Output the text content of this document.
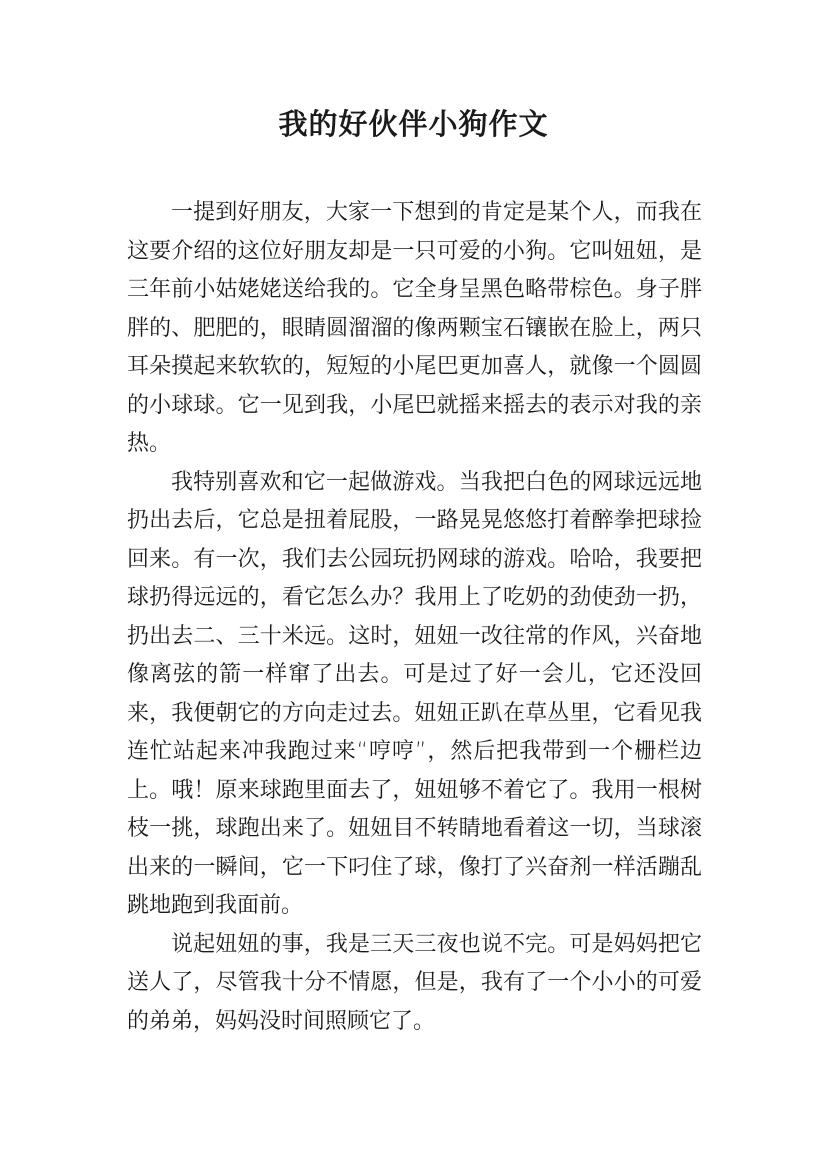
我的好伙伴小狗作文

一提到好朋友，大家一下想到的肯定是某个人，而我在这要介绍的这位好朋友却是一只可爱的小狗。它叫妞妞，是三年前小姑姥姥送给我的。它全身呈黑色略带棕色。身子胖胖的、肥肥的，眼睛圆溜溜的像两颗宝石镶嵌在脸上，两只耳朵摸起来软软的，短短的小尾巴更加喜人，就像一个圆圆的小球球。它一见到我，小尾巴就摇来摇去的表示对我的亲热。

我特别喜欢和它一起做游戏。当我把白色的网球远远地扔出去后，它总是扭着屁股，一路晃晃悠悠打着醉拳把球捡回来。有一次，我们去公园玩扔网球的游戏。哈哈，我要把球扔得远远的，看它怎么办？我用上了吃奶的劲使劲一扔，扔出去二、三十米远。这时，妞妞一改往常的作风，兴奋地像离弦的箭一样窜了出去。可是过了好一会儿，它还没回来，我便朝它的方向走过去。妞妞正趴在草丛里，它看见我连忙站起来冲我跑过来“哼哼”，然后把我带到一个栅栏边上。哦！原来球跑里面去了，妞妞够不着它了。我用一根树枝一挑，球跑出来了。妞妞目不转睛地看着这一切，当球滚出来的一瞬间，它一下叼住了球，像打了兴奋剂一样活蹦乱跳地跑到我面前。

说起妞妞的事，我是三天三夜也说不完。可是妈妈把它送人了，尽管我十分不情愿，但是，我有了一个小小的可爱的弟弟，妈妈没时间照顾它了。
